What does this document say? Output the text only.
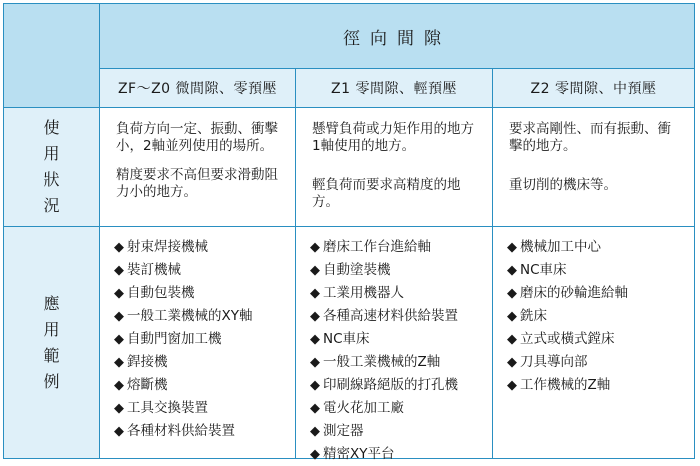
徑向間隙
ZF～Z0 微間隙、零預壓	Z1 零間隙、輕預壓	Z2 零間隙、中預壓
使
用
狀
況
應
用
範
例

負荷方向一定、振動、衝擊小，2軸並列使用的場所。

精度要求不高但要求滑動阻力小的地方。

懸臂負荷或力矩作用的地方1軸使用的地方。

輕負荷而要求高精度的地方。

要求高剛性、而有振動、衝擊的地方。

重切削的機床等。

◆ 射束焊接機械
◆ 裝訂機械
◆ 自動包裝機
◆ 一般工業機械的XY軸
◆ 自動門窗加工機
◆ 銲接機
◆ 熔斷機
◆ 工具交換裝置
◆ 各種材料供給裝置
◆ 磨床工作台進給軸
◆ 自動塗裝機
◆ 工業用機器人
◆ 各種高速材料供給裝置
◆ NC車床
◆ 一般工業機械的Z軸
◆ 印刷線路絕版的打孔機
◆ 電火花加工廠
◆ 測定器
◆ 精密XY平台
◆ 機械加工中心
◆ NC車床
◆ 磨床的砂輪進給軸
◆ 銑床
◆ 立式或橫式鏜床
◆ 刀具導向部
◆ 工作機械的Z軸
